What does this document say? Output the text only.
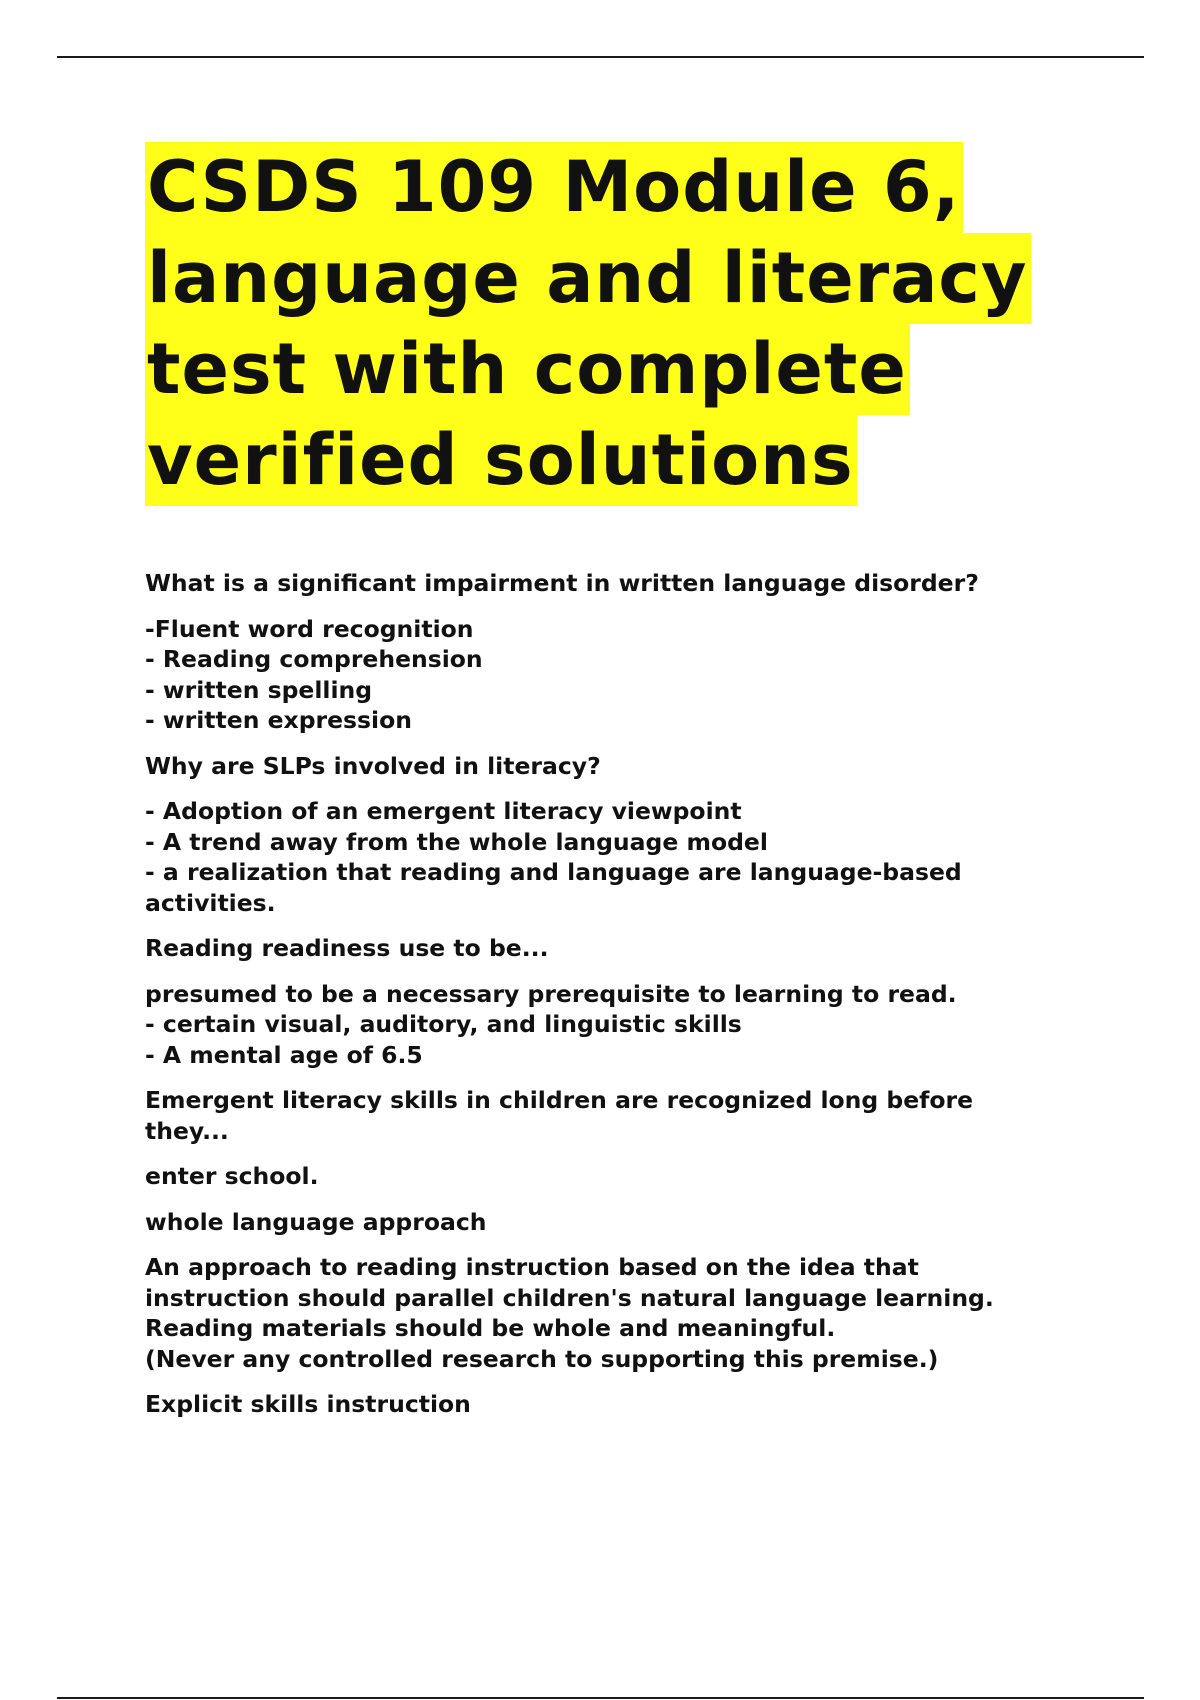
CSDS 109 Module 6,
language and literacy
test with complete
verified solutions

What is a significant impairment in written language disorder?

-Fluent word recognition
- Reading comprehension
- written spelling
- written expression

Why are SLPs involved in literacy?

- Adoption of an emergent literacy viewpoint
- A trend away from the whole language model
- a realization that reading and language are language-based activities.

Reading readiness use to be...

presumed to be a necessary prerequisite to learning to read.
- certain visual, auditory, and linguistic skills
- A mental age of 6.5

Emergent literacy skills in children are recognized long before they...

enter school.

whole language approach

An approach to reading instruction based on the idea that instruction should parallel children's natural language learning.
Reading materials should be whole and meaningful.
(Never any controlled research to supporting this premise.)

Explicit skills instruction
